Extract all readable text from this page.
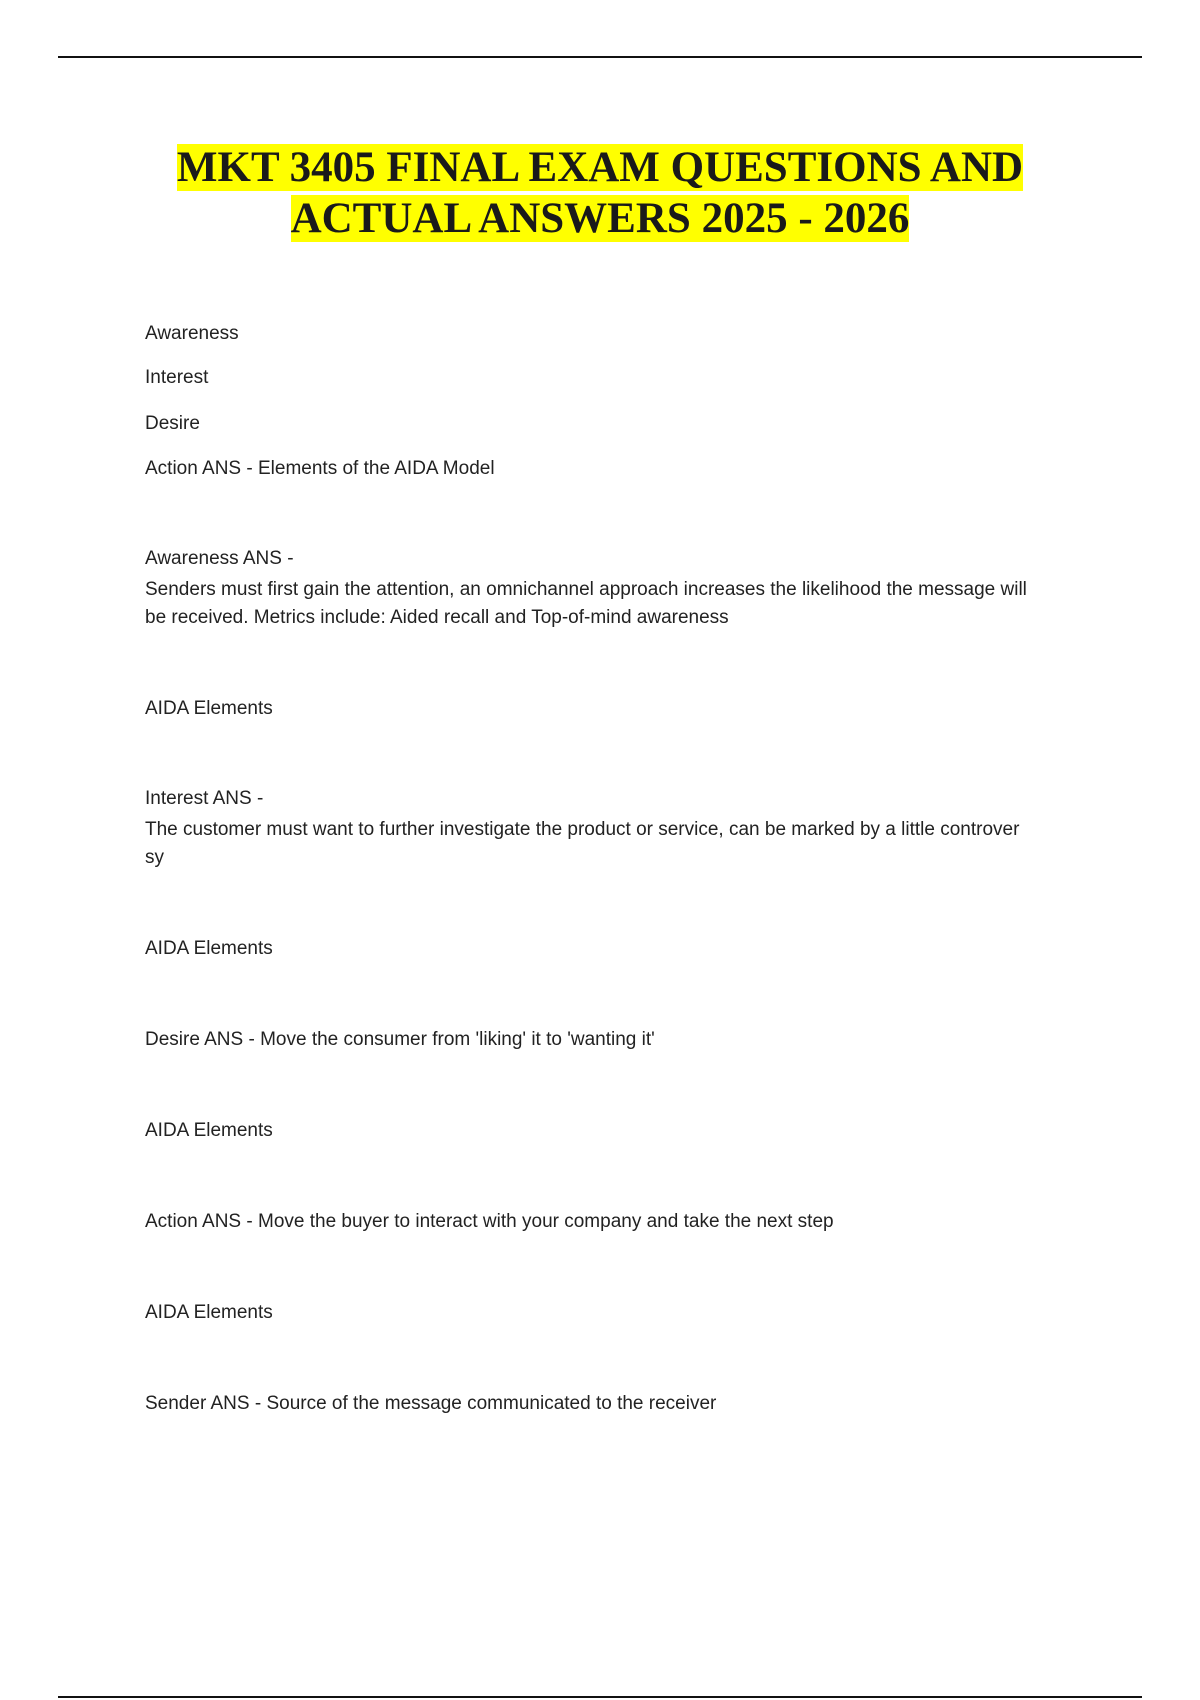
MKT 3405 FINAL EXAM QUESTIONS AND
ACTUAL ANSWERS 2025 - 2026
Awareness
Interest
Desire
Action ANS - Elements of the AIDA Model
Awareness ANS -
Senders must first gain the attention, an omnichannel approach increases the likelihood the message will
be received. Metrics include: Aided recall and Top-of-mind awareness
AIDA Elements
Interest ANS -
The customer must want to further investigate the product or service, can be marked by a little controver
sy
AIDA Elements
Desire ANS - Move the consumer from 'liking' it to 'wanting it'
AIDA Elements
Action ANS - Move the buyer to interact with your company and take the next step
AIDA Elements
Sender ANS - Source of the message communicated to the receiver
